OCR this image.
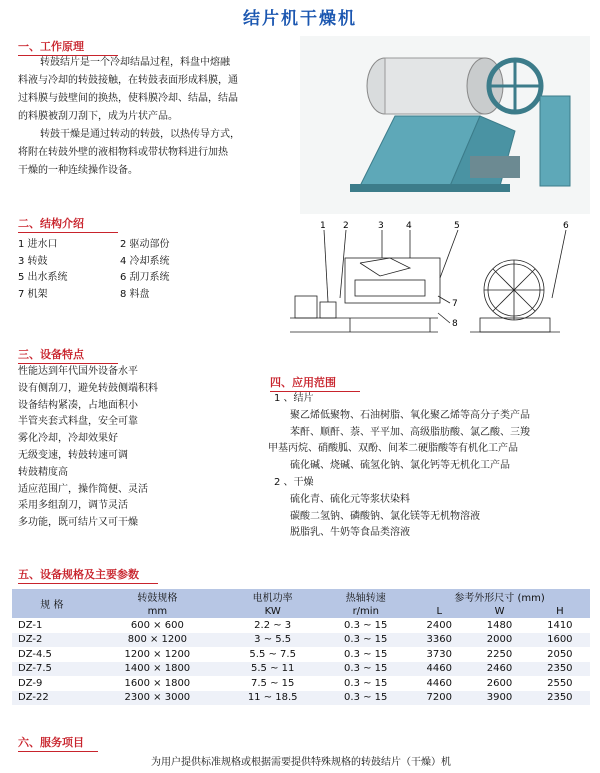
结片机干燥机
一、工作原理
转鼓结片是一个冷却结晶过程，料盘中熔融
料液与冷却的转鼓接触，在转鼓表面形成料膜，通
过料膜与鼓壁间的换热，使料膜冷却、结晶，结晶
的料膜被刮刀刮下，成为片状产品。
转鼓干燥是通过转动的转鼓，以热传导方式，
将附在转鼓外壁的液相物料或带状物料进行加热
干燥的一种连续操作设备。
二、结构介绍
1 进水口	2 驱动部份
3 转鼓	4 冷却系统
5 出水系统	6 刮刀系统
7 机架	8 料盘
1 2	3 4	5	6
7
8
三、设备特点
性能达到年代国外设备水平
设有侧刮刀，避免转鼓侧端积料
设备结构紧凑，占地面积小
半管夹套式料盘，安全可靠
雾化冷却，冷却效果好
无级变速，转鼓转速可调
转鼓精度高
适应范围广，操作简便、灵活
采用多组刮刀，调节灵活
多功能，既可结片又可干燥
四、应用范围
1 、结片
聚乙烯低聚物、石油树脂、氧化聚乙烯等高分子类产品
苯酐、顺酐、萘、平平加、高级脂肪酸、氯乙酸、三羧
甲基丙烷、硝酸胍、双酚、间苯二硬脂酸等有机化工产品
硫化碱、烧碱、硫氢化钠、氯化钙等无机化工产品
2 、干燥
硫化青、硫化元等浆状染料
碳酸二氢钠、磷酸钠、氯化镁等无机物溶液
脱脂乳、牛奶等食品类溶液
五、设备规格及主要参数
规 格	转鼓规格	电机功率	热轴转速	参考外形尺寸 (mm)		
	mm	KW	r/min	L	W	H
DZ-1	600 × 600	2.2 ~ 3	0.3 ~ 15	2400	1480	1410
DZ-2	800 × 1200	3 ~ 5.5	0.3 ~ 15	3360	2000	1600
DZ-4.5	1200 × 1200	5.5 ~ 7.5	0.3 ~ 15	3730	2250	2050
DZ-7.5	1400 × 1800	5.5 ~ 11	0.3 ~ 15	4460	2460	2350
DZ-9	1600 × 1800	7.5 ~ 15	0.3 ~ 15	4460	2600	2550
DZ-22	2300 × 3000	11 ~ 18.5	0.3 ~ 15	7200	3900	2350
六、服务项目
为用户提供标准规格或根据需要提供特殊规格的转鼓结片（干燥）机
